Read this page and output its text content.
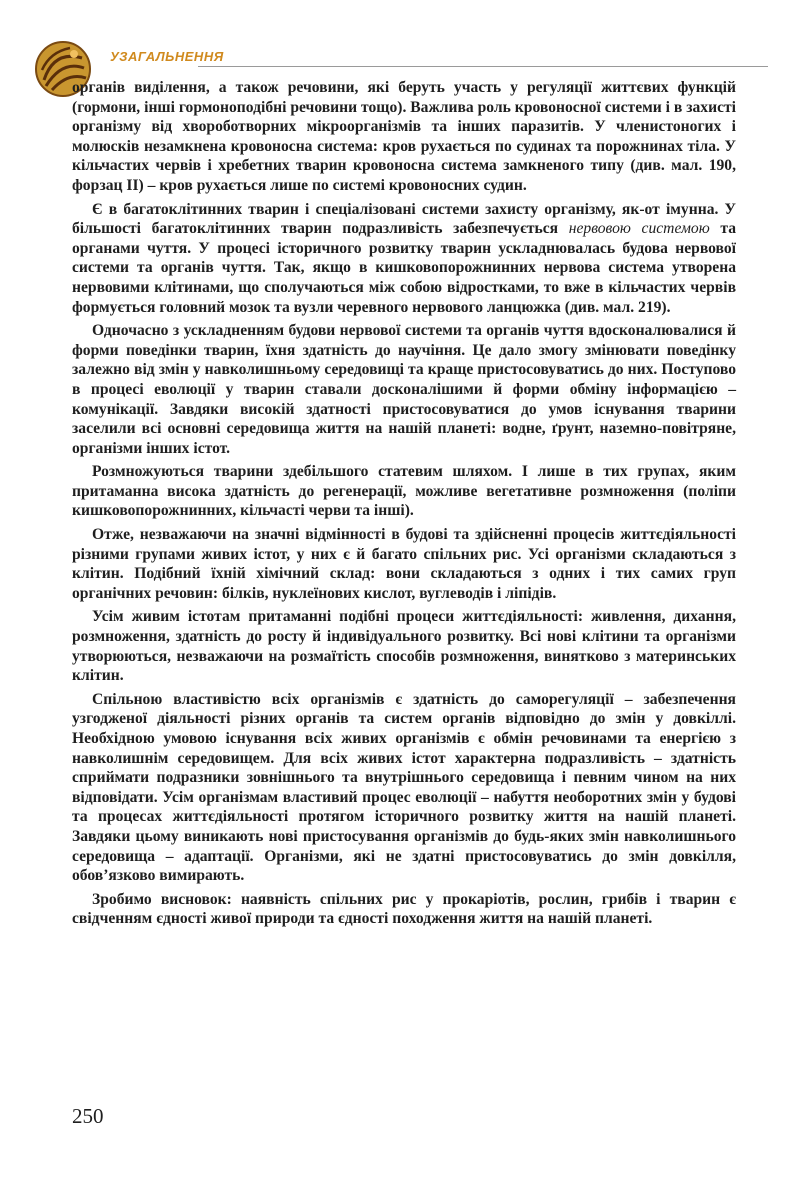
УЗАГАЛЬНЕННЯ

органів виділення, а також речовини, які беруть участь у регуляції життєвих функцій (гормони, інші гормоноподібні речовини тощо). Важлива роль кровоносної системи і в захисті організму від хвороботворних мікроорганізмів та інших паразитів. У членистоногих і молюсків незамкнена кровоносна система: кров рухається по судинах та порожнинах тіла. У кільчастих червів і хребетних тварин кровоносна система замкненого типу (див. мал. 190, форзац ІІ) – кров рухається лише по системі кровоносних судин.

Є в багатоклітинних тварин і спеціалізовані системи захисту організму, як-от імунна. У більшості багатоклітинних тварин подразливість забезпечується нервовою системою та органами чуття. У процесі історичного розвитку тварин ускладнювалась будова нервової системи та органів чуття. Так, якщо в кишковопорожнинних нервова система утворена нервовими клітинами, що сполучаються між собою відростками, то вже в кільчастих червів формується головний мозок та вузли черевного нервового ланцюжка (див. мал. 219).

Одночасно з ускладненням будови нервової системи та органів чуття вдосконалювалися й форми поведінки тварин, їхня здатність до научіння. Це дало змогу змінювати поведінку залежно від змін у навколишньому середовищі та краще пристосовуватись до них. Поступово в процесі еволюції у тварин ставали досконалішими й форми обміну інформацією – комунікації. Завдяки високій здатності пристосовуватися до умов існування тварини заселили всі основні середовища життя на нашій планеті: водне, ґрунт, наземно-повітряне, організми інших істот.

Розмножуються тварини здебільшого статевим шляхом. І лише в тих групах, яким притаманна висока здатність до регенерації, можливе вегетативне розмноження (поліпи кишковопорожнинних, кільчасті черви та інші).

Отже, незважаючи на значні відмінності в будові та здійсненні процесів життєдіяльності різними групами живих істот, у них є й багато спільних рис. Усі організми складаються з клітин. Подібний їхній хімічний склад: вони складаються з одних і тих самих груп органічних речовин: білків, нуклеїнових кислот, вуглеводів і ліпідів.

Усім живим істотам притаманні подібні процеси життєдіяльності: живлення, дихання, розмноження, здатність до росту й індивідуального розвитку. Всі нові клітини та організми утворюються, незважаючи на розмаїтість способів розмноження, винятково з материнських клітин.

Спільною властивістю всіх організмів є здатність до саморегуляції – забезпечення узгодженої діяльності різних органів та систем органів відповідно до змін у довкіллі. Необхідною умовою існування всіх живих організмів є обмін речовинами та енергією з навколишнім середовищем. Для всіх живих істот характерна подразливість – здатність сприймати подразники зовнішнього та внутрішнього середовища і певним чином на них відповідати. Усім організмам властивий процес еволюції – набуття необоротних змін у будові та процесах життєдіяльності протягом історичного розвитку життя на нашій планеті. Завдяки цьому виникають нові пристосування організмів до будь-яких змін навколишнього середовища – адаптації. Організми, які не здатні пристосовуватись до змін довкілля, обов’язково вимирають.

Зробимо висновок: наявність спільних рис у прокаріотів, рослин, грибів і тварин є свідченням єдності живої природи та єдності походження життя на нашій планеті.

250
